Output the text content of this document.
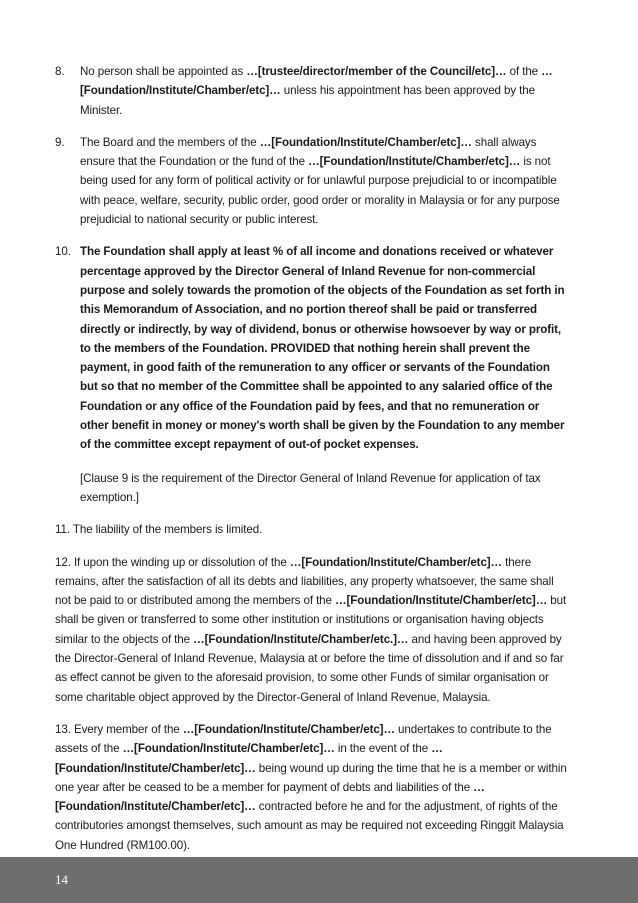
8.	No person shall be appointed as …[trustee/director/member of the Council/etc]… of the …[Foundation/Institute/Chamber/etc]… unless his appointment has been approved by the Minister.
9.	The Board and the members of the …[Foundation/Institute/Chamber/etc]… shall always ensure that the Foundation or the fund of the …[Foundation/Institute/Chamber/etc]… is not being used for any form of political activity or for unlawful purpose prejudicial to or incompatible with peace, welfare, security, public order, good order or morality in Malaysia or for any purpose prejudicial to national security or public interest.
10. The Foundation shall apply at least % of all income and donations received or whatever percentage approved by the Director General of Inland Revenue for non-commercial purpose and solely towards the promotion of the objects of the Foundation as set forth in this Memorandum of Association, and no portion thereof shall be paid or transferred directly or indirectly, by way of dividend, bonus or otherwise howsoever by way or profit, to the members of the Foundation. PROVIDED that nothing herein shall prevent the payment, in good faith of the remuneration to any officer or servants of the Foundation but so that no member of the Committee shall be appointed to any salaried office of the Foundation or any office of the Foundation paid by fees, and that no remuneration or other benefit in money or money's worth shall be given by the Foundation to any member of the committee except repayment of out-of pocket expenses.
[Clause 9 is the requirement of the Director General of Inland Revenue for application of tax exemption.]
11. The liability of the members is limited.
12. If upon the winding up or dissolution of the …[Foundation/Institute/Chamber/etc]… there remains, after the satisfaction of all its debts and liabilities, any property whatsoever, the same shall not be paid to or distributed among the members of the …[Foundation/Institute/Chamber/etc]… but shall be given or transferred to some other institution or institutions or organisation having objects similar to the objects of the …[Foundation/Institute/Chamber/etc.]… and having been approved by the Director-General of Inland Revenue, Malaysia at or before the time of dissolution and if and so far as effect cannot be given to the aforesaid provision, to some other Funds of similar organisation or some charitable object approved by the Director-General of Inland Revenue, Malaysia.
13. Every member of the …[Foundation/Institute/Chamber/etc]… undertakes to contribute to the assets of the …[Foundation/Institute/Chamber/etc]… in the event of the …[Foundation/Institute/Chamber/etc]… being wound up during the time that he is a member or within one year after be ceased to be a member for payment of debts and liabilities of the …[Foundation/Institute/Chamber/etc]… contracted before he and for the adjustment, of rights of the contributories amongst themselves, such amount as may be required not exceeding Ringgit Malaysia One Hundred (RM100.00).
14
